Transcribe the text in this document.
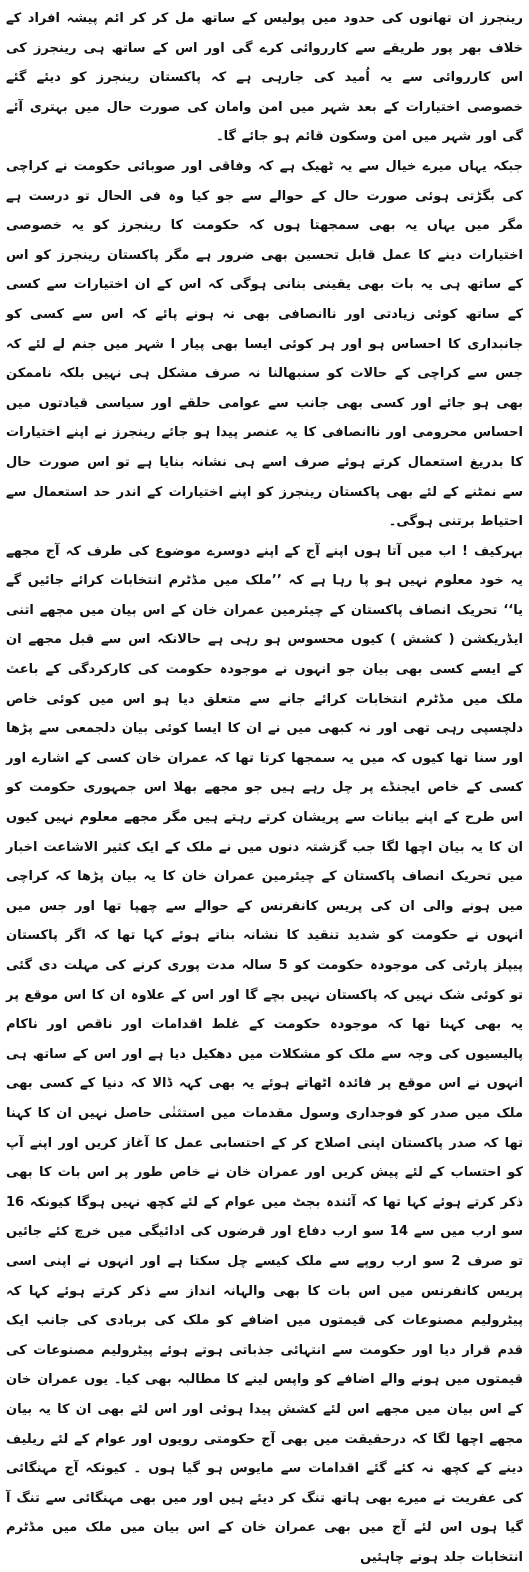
رینجرز ان تھانوں کی حدود میں پولیس کے ساتھ مل کر کر ائم پیشہ افراد کے خلاف بھر پور طریقے سے کارروائی کرے گی اور اس کے ساتھ ہی رینجرز کی اس کارروائی سے یہ اُمید کی جارہی ہے کہ پاکستان رینجرز کو دیئے گئے خصوصی اختیارات کے بعد شہر میں امن وامان کی صورت حال میں بہتری آئے گی اور شہر میں امن وسکون قائم ہو جائے گا۔

جبکہ یہاں میرے خیال سے یہ ٹھیک ہے کہ وفاقی اور صوبائی حکومت نے کراچی کی بگڑتی ہوئی صورت حال کے حوالے سے جو کیا وہ فی الحال تو درست ہے مگر میں یہاں یہ بھی سمجھتا ہوں کہ حکومت کا رینجرز کو یہ خصوصی اختیارات دینے کا عمل قابل تحسین بھی ضرور ہے مگر پاکستان رینجرز کو اس کے ساتھ ہی یہ بات بھی یقینی بنانی ہوگی کہ اس کے ان اختیارات سے کسی کے ساتھ کوئی زیادتی اور ناانصافی بھی نہ ہونے پائے کہ اس سے کسی کو جانبداری کا احساس ہو اور ہر کوئی ایسا بھی پیار ا شہر میں جنم لے لئے کہ جس سے کراچی کے حالات کو سنبھالنا نہ صرف مشکل ہی نہیں بلکہ ناممکن بھی ہو جائے اور کسی بھی جانب سے عوامی حلقے اور سیاسی قیادتوں میں احساس محرومی اور ناانصافی کا یہ عنصر پیدا ہو جائے رینجرز نے اپنے اختیارات کا بدریغ استعمال کرتے ہوئے صرف اسے ہی نشانہ بنایا ہے تو اس صورت حال سے نمٹنے کے لئے بھی پاکستان رینجرز کو اپنے اختیارات کے اندر حد استعمال سے احتیاط برتنی ہوگی۔

بہرکیف ! اب میں آتا ہوں اپنے آج کے اپنے دوسرے موضوع کی طرف کہ آج مجھے یہ خود معلوم نہیں ہو پا رہا ہے کہ ’’ملک میں مڈٹرم انتخابات کرائے جائیں گے یا‘‘ تحریک انصاف پاکستان کے چیئرمین عمران خان کے اس بیان میں مجھے اتنی ایڈریکشن ( کشش ) کیوں محسوس ہو رہی ہے حالانکہ اس سے قبل مجھے ان کے ایسے کسی بھی بیان جو انہوں نے موجودہ حکومت کی کارکردگی کے باعث ملک میں مڈٹرم انتخابات کرائے جانے سے متعلق دیا ہو اس میں کوئی خاص دلچسپی رہی تھی اور نہ کبھی میں نے ان کا ایسا کوئی بیان دلجمعی سے پڑھا اور سنا تھا کیوں کہ میں یہ سمجھا کرتا تھا کہ عمران خان کسی کے اشارے اور کسی کے خاص ایجنڈے پر چل رہے ہیں جو مجھے بھلا اس جمہوری حکومت کو اس طرح کے اپنے بیانات سے پریشان کرتے رہتے ہیں مگر مجھے معلوم نہیں کیوں ان کا یہ بیان اچھا لگا جب گزشتہ دنوں میں نے ملک کے ایک کثیر الاشاعت اخبار میں تحریک انصاف پاکستان کے چیئرمین عمران خان کا یہ بیان پڑھا کہ کراچی میں ہونے والی ان کی پریس کانفرنس کے حوالے سے چھپا تھا اور جس میں انہوں نے حکومت کو شدید تنقید کا نشانہ بناتے ہوئے کہا تھا کہ اگر پاکستان پیپلز پارٹی کی موجودہ حکومت کو 5 سالہ مدت پوری کرنے کی مہلت دی گئی تو کوئی شک نہیں کہ پاکستان نہیں بچے گا اور اس کے علاوہ ان کا اس موقع پر یہ بھی کہنا تھا کہ موجودہ حکومت کے غلط اقدامات اور ناقص اور ناکام پالیسیوں کی وجہ سے ملک کو مشکلات میں دھکیل دیا ہے اور اس کے ساتھ ہی انہوں نے اس موقع پر فائدہ اٹھاتے ہوئے یہ بھی کہہ ڈالا کہ دنیا کے کسی بھی ملک میں صدر کو فوجداری وسول مقدمات میں استثنٰی حاصل نہیں ان کا کہنا تھا کہ صدر پاکستان اپنی اصلاح کر کے احتسابی عمل کا آغاز کریں اور اپنے آپ کو احتساب کے لئے پیش کریں اور عمران خان نے خاص طور پر اس بات کا بھی ذکر کرتے ہوئے کہا تھا کہ آئندہ بجٹ میں عوام کے لئے کچھ نہیں ہوگا کیونکہ 16 سو ارب میں سے 14 سو ارب دفاع اور قرضوں کی ادائیگی میں خرچ کئے جائیں تو صرف 2 سو ارب روپے سے ملک کیسے چل سکتا ہے اور انہوں نے اپنی اسی پریس کانفرنس میں اس بات کا بھی والہانہ انداز سے ذکر کرتے ہوئے کہا کہ پیٹرولیم مصنوعات کی قیمتوں میں اضافے کو ملک کی بربادی کی جانب ایک قدم قرار دیا اور حکومت سے انتہائی جذباتی ہوتے ہوئے پیٹرولیم مصنوعات کی قیمتوں میں ہونے والے اضافے کو واپس لینے کا مطالبہ بھی کیا۔ یوں عمران خان کے اس بیان میں مجھے اس لئے کشش پیدا ہوئی اور اس لئے بھی ان کا یہ بیان مجھے اچھا لگا کہ درحقیقت میں بھی آج حکومتی رویوں اور عوام کے لئے ریلیف دینے کے کچھ نہ کئے گئے اقدامات سے مایوس ہو گیا ہوں ۔ کیونکہ آج مہنگائی کی عفریت نے میرے بھی ہاتھ تنگ کر دیئے ہیں اور میں بھی مہنگائی سے تنگ آ گیا ہوں اس لئے آج میں بھی عمران خان کے اس بیان میں ملک میں مڈٹرم انتخابات جلد ہونے چاہئیں
